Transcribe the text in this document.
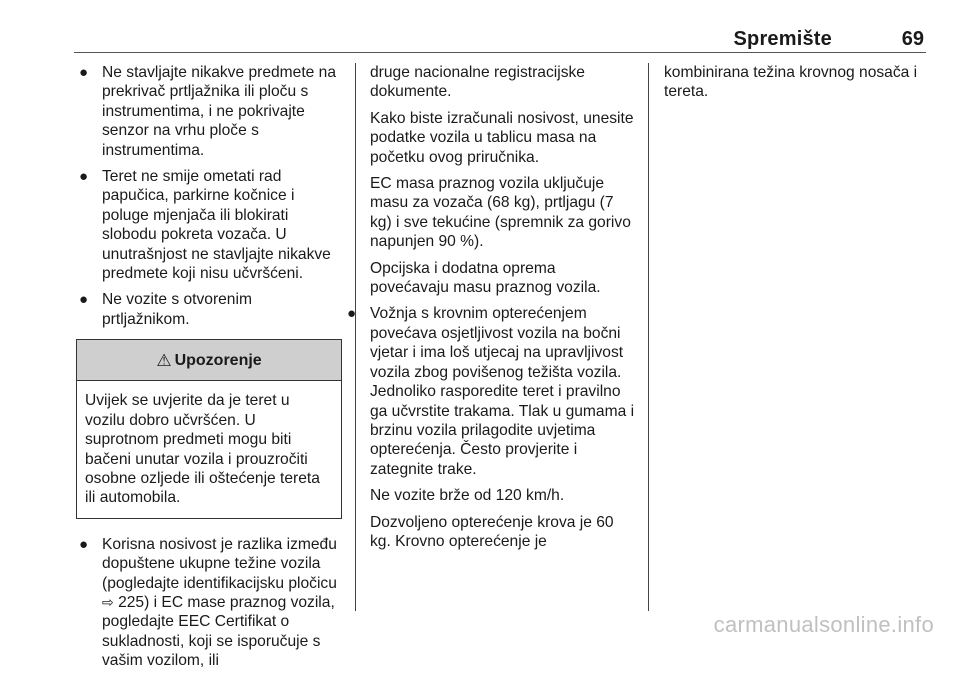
Spremište	69
● Ne stavljajte nikakve predmete na prekrivač prtljažnika ili ploču s instrumentima, i ne pokrivajte senzor na vrhu ploče s instrumentima.
● Teret ne smije ometati rad papučica, parkirne kočnice i poluge mjenjača ili blokirati slobodu pokreta vozača. U unutrašnjost ne stavljajte nikakve predmete koji nisu učvršćeni.
● Ne vozite s otvorenim prtljažnikom.
⚠ Upozorenje
Uvijek se uvjerite da je teret u vozilu dobro učvršćen. U suprotnom predmeti mogu biti bačeni unutar vozila i prouzročiti osobne ozljede ili oštećenje tereta ili automobila.
● Korisna nosivost je razlika između dopuštene ukupne težine vozila (pogledajte identifikacijsku pločicu ⇨ 225) i EC mase praznog vozila, pogledajte EEC Certifikat o sukladnosti, koji se isporučuje s vašim vozilom, ili
druge nacionalne registracijske dokumente.
Kako biste izračunali nosivost, unesite podatke vozila u tablicu masa na početku ovog priručnika.
EC masa praznog vozila uključuje masu za vozača (68 kg), prtljagu (7 kg) i sve tekućine (spremnik za gorivo napunjen 90 %).
Opcijska i dodatna oprema povećavaju masu praznog vozila.
● Vožnja s krovnim opterećenjem povećava osjetljivost vozila na bočni vjetar i ima loš utjecaj na upravljivost vozila zbog povišenog težišta vozila. Jednoliko rasporedite teret i pravilno ga učvrstite trakama. Tlak u gumama i brzinu vozila prilagodite uvjetima opterećenja. Često provjerite i zategnite trake.
Ne vozite brže od 120 km/h.
Dozvoljeno opterećenje krova je 60 kg. Krovno opterećenje je
kombinirana težina krovnog nosača i tereta.
carmanualsonline.info
